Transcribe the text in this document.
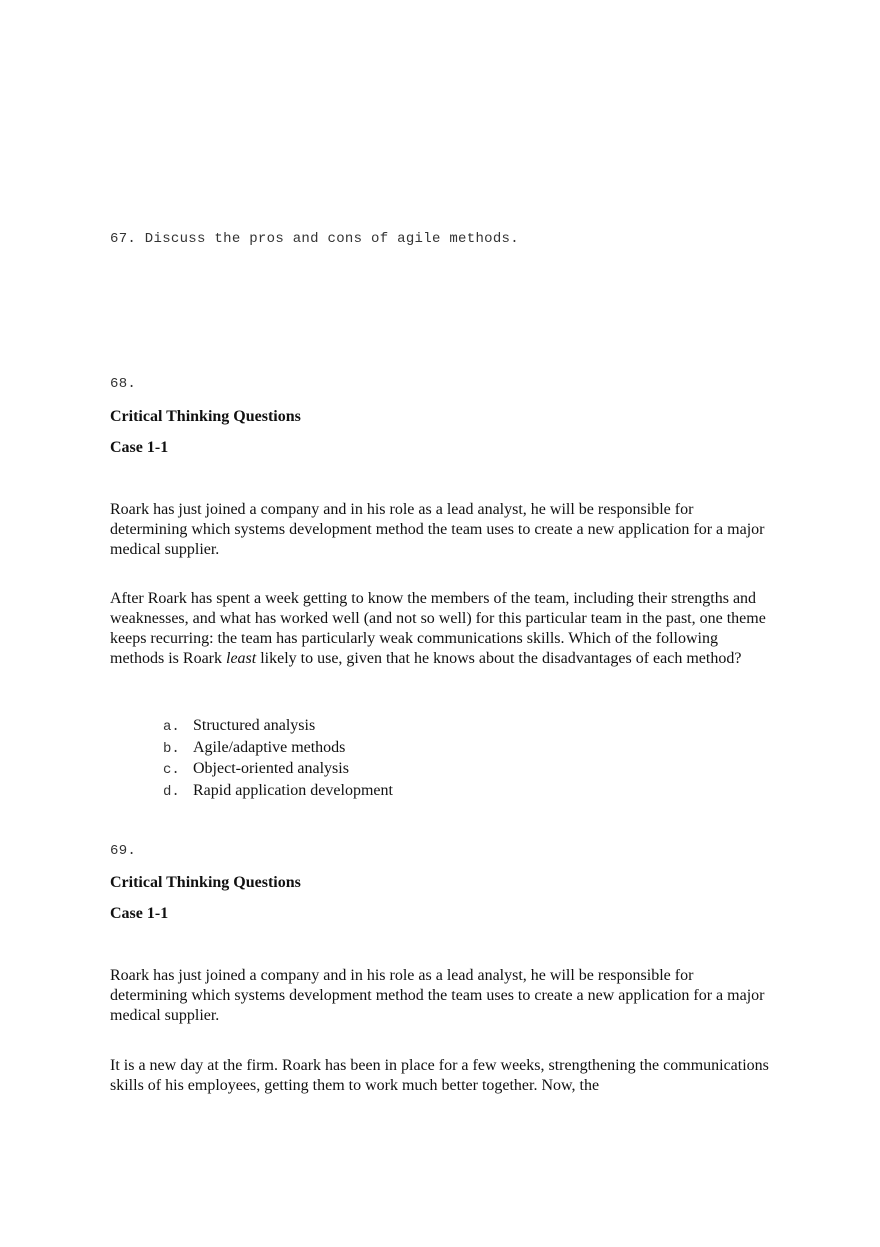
67. Discuss the pros and cons of agile methods.
68.
Critical Thinking Questions
Case 1-1
Roark has just joined a company and in his role as a lead analyst, he will be responsible for determining which systems development method the team uses to create a new application for a major medical supplier.
After Roark has spent a week getting to know the members of the team, including their strengths and weaknesses, and what has worked well (and not so well) for this particular team in the past, one theme keeps recurring: the team has particularly weak communications skills. Which of the following methods is Roark least likely to use, given that he knows about the disadvantages of each method?
a. Structured analysis
b. Agile/adaptive methods
c. Object-oriented analysis
d. Rapid application development
69.
Critical Thinking Questions
Case 1-1
Roark has just joined a company and in his role as a lead analyst, he will be responsible for determining which systems development method the team uses to create a new application for a major medical supplier.
It is a new day at the firm. Roark has been in place for a few weeks, strengthening the communications skills of his employees, getting them to work much better together. Now, the
